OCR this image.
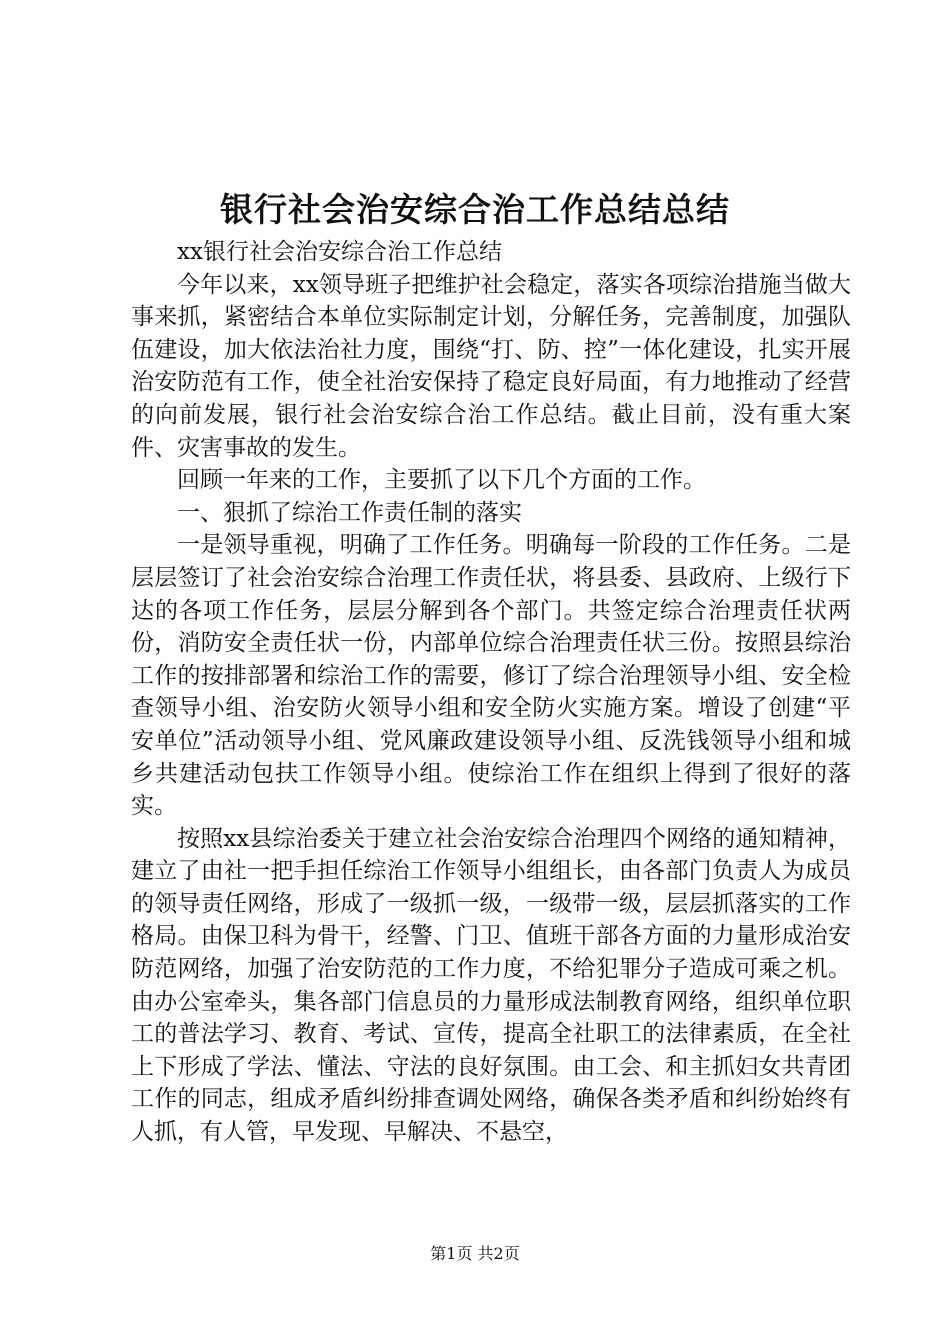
银行社会治安综合治工作总结总结

xx银行社会治安综合治工作总结

今年以来，xx领导班子把维护社会稳定，落实各项综治措施当做大事来抓，紧密结合本单位实际制定计划，分解任务，完善制度，加强队伍建设，加大依法治社力度，围绕“打、防、控”一体化建设，扎实开展治安防范有工作，使全社治安保持了稳定良好局面，有力地推动了经营的向前发展，银行社会治安综合治工作总结。截止目前，没有重大案件、灾害事故的发生。

回顾一年来的工作，主要抓了以下几个方面的工作。

一、狠抓了综治工作责任制的落实

一是领导重视，明确了工作任务。明确每一阶段的工作任务。二是层层签订了社会治安综合治理工作责任状，将县委、县政府、上级行下达的各项工作任务，层层分解到各个部门。共签定综合治理责任状两份，消防安全责任状一份，内部单位综合治理责任状三份。按照县综治工作的按排部署和综治工作的需要，修订了综合治理领导小组、安全检查领导小组、治安防火领导小组和安全防火实施方案。增设了创建“平安单位”活动领导小组、党风廉政建设领导小组、反洗钱领导小组和城乡共建活动包扶工作领导小组。使综治工作在组织上得到了很好的落实。

按照xx县综治委关于建立社会治安综合治理四个网络的通知精神，建立了由社一把手担任综治工作领导小组组长，由各部门负责人为成员的领导责任网络，形成了一级抓一级，一级带一级，层层抓落实的工作格局。由保卫科为骨干，经警、门卫、值班干部各方面的力量形成治安防范网络，加强了治安防范的工作力度，不给犯罪分子造成可乘之机。由办公室牵头，集各部门信息员的力量形成法制教育网络，组织单位职工的普法学习、教育、考试、宣传，提高全社职工的法律素质，在全社上下形成了学法、懂法、守法的良好氛围。由工会、和主抓妇女共青团工作的同志，组成矛盾纠纷排查调处网络，确保各类矛盾和纠纷始终有人抓，有人管，早发现、早解决、不悬空，

第1页 共2页
